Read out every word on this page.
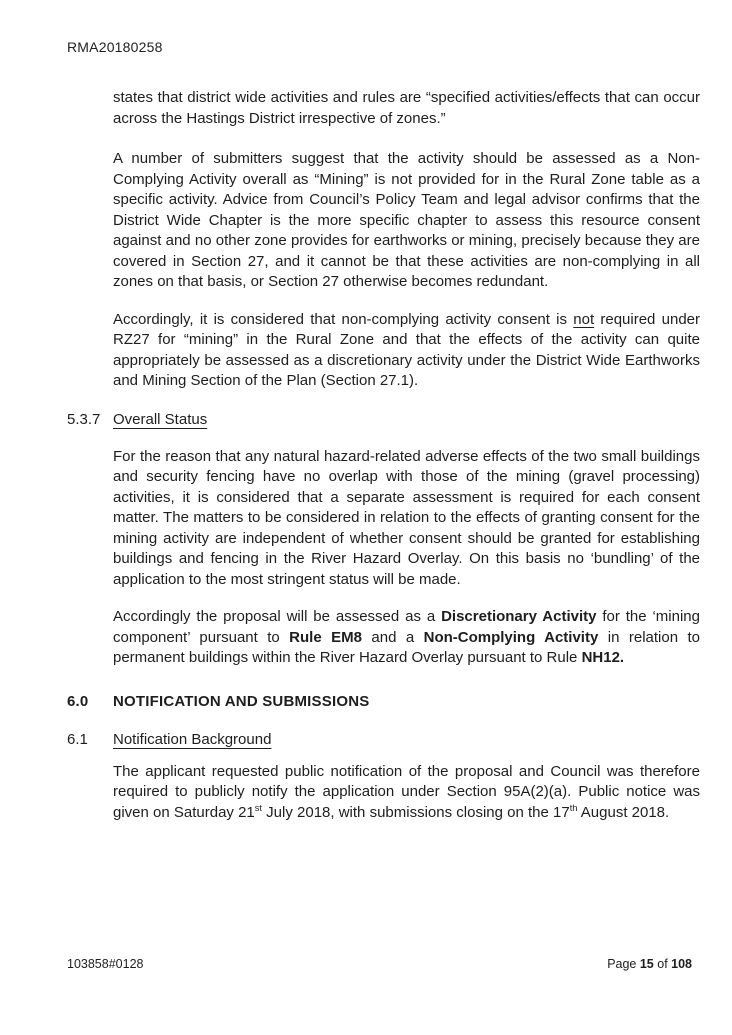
RMA20180258

states that district wide activities and rules are “specified activities/effects that can occur across the Hastings District irrespective of zones.”

A number of submitters suggest that the activity should be assessed as a Non-Complying Activity overall as “Mining” is not provided for in the Rural Zone table as a specific activity. Advice from Council’s Policy Team and legal advisor confirms that the District Wide Chapter is the more specific chapter to assess this resource consent against and no other zone provides for earthworks or mining, precisely because they are covered in Section 27, and it cannot be that these activities are non-complying in all zones on that basis, or Section 27 otherwise becomes redundant.

Accordingly, it is considered that non-complying activity consent is not required under RZ27 for “mining” in the Rural Zone and that the effects of the activity can quite appropriately be assessed as a discretionary activity under the District Wide Earthworks and Mining Section of the Plan (Section 27.1).

5.3.7 Overall Status

For the reason that any natural hazard-related adverse effects of the two small buildings and security fencing have no overlap with those of the mining (gravel processing) activities, it is considered that a separate assessment is required for each consent matter. The matters to be considered in relation to the effects of granting consent for the mining activity are independent of whether consent should be granted for establishing buildings and fencing in the River Hazard Overlay. On this basis no ‘bundling’ of the application to the most stringent status will be made.

Accordingly the proposal will be assessed as a Discretionary Activity for the ‘mining component’ pursuant to Rule EM8 and a Non-Complying Activity in relation to permanent buildings within the River Hazard Overlay pursuant to Rule NH12.

6.0	NOTIFICATION AND SUBMISSIONS
6.1	Notification Background

The applicant requested public notification of the proposal and Council was therefore required to publicly notify the application under Section 95A(2)(a). Public notice was given on Saturday 21st July 2018, with submissions closing on the 17th August 2018.

103858#0128	Page 15 of 108
